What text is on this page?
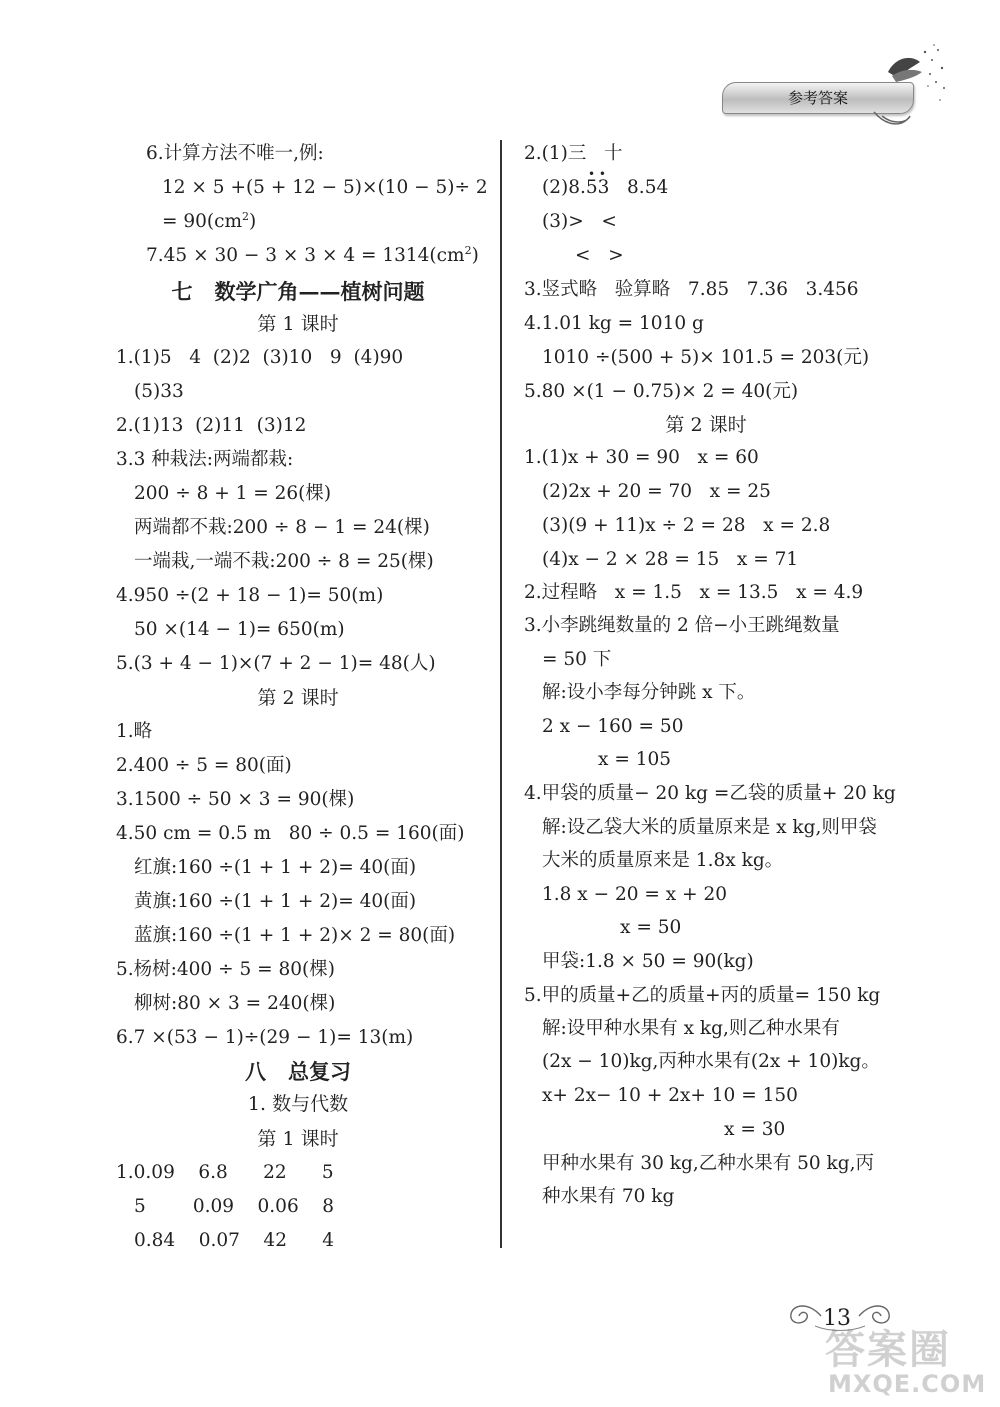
参考答案
6.计算方法不唯一,例:
12 × 5 +(5 + 12 − 5)×(10 − 5)÷ 2
= $90(cm^2)$
$7.45 \times 30 - 3 \times 3 \times 4 = 1314(cm^2)$
七   数学广角——植树问题
第 1 课时
1.(1)5   4  (2)2  (3)10   9  (4)90
(5)33
2.(1)13  (2)11  (3)12
3.3 种栽法:两端都栽:
200 ÷ 8 + 1 = 26(棵)
两端都不栽:200 ÷ 8 − 1 = 24(棵)
一端栽,一端不栽:200 ÷ 8 = 25(棵)
4.950 ÷(2 + 18 − 1)= 50(m)
50 ×(14 − 1)= 650(m)
5.(3 + 4 − 1)×(7 + 2 − 1)= 48(人)
第 2 课时
1.略
2.400 ÷ 5 = 80(面)
3.1500 ÷ 50 × 3 = 90(棵)
4.50 cm = 0.5 m   80 ÷ 0.5 = 160(面)
红旗:160 ÷(1 + 1 + 2)= 40(面)
黄旗:160 ÷(1 + 1 + 2)= 40(面)
蓝旗:160 ÷(1 + 1 + 2)× 2 = 80(面)
5.杨树:400 ÷ 5 = 80(棵)
柳树:80 × 3 = 240(棵)
6.7 ×(53 − 1)÷(29 − 1)= 13(m)
八   总复习
1. 数与代数
第 1 课时
1.0.09    6.8      22      5
5        0.09    0.06    8
0.84    0.07    42      4
2.(1)三   十
• •
(2)8.53   8.54
(3)>   <
<   >
3.竖式略   验算略   7.85   7.36   3.456
4.1.01 kg = 1010 g
1010 ÷(500 + 5)× 101.5 = 203(元)
5.80 ×(1 − 0.75)× 2 = 40(元)
第 2 课时
1.(1)x + 30 = 90   x = 60
(2)2x + 20 = 70   x = 25
(3)(9 + 11)x ÷ 2 = 28   x = 2.8
(4)x − 2 × 28 = 15   x = 71
2.过程略   x = 1.5   x = 13.5   x = 4.9
3.小李跳绳数量的 2 倍−小王跳绳数量
= 50 下
解:设小李每分钟跳 x 下。
2 x − 160 = 50
x = 105
4.甲袋的质量− 20 kg =乙袋的质量+ 20 kg
解:设乙袋大米的质量原来是 x kg,则甲袋
大米的质量原来是 1.8x kg。
1.8 x − 20 = x + 20
x = 50
甲袋:1.8 × 50 = 90(kg)
5.甲的质量+乙的质量+丙的质量= 150 kg
解:设甲种水果有 x kg,则乙种水果有
(2x − 10)kg,丙种水果有(2x + 10)kg。
x+ 2x− 10 + 2x+ 10 = 150
x = 30
甲种水果有 30 kg,乙种水果有 50 kg,丙
种水果有 70 kg
13
答案圈
MXQE.COM
